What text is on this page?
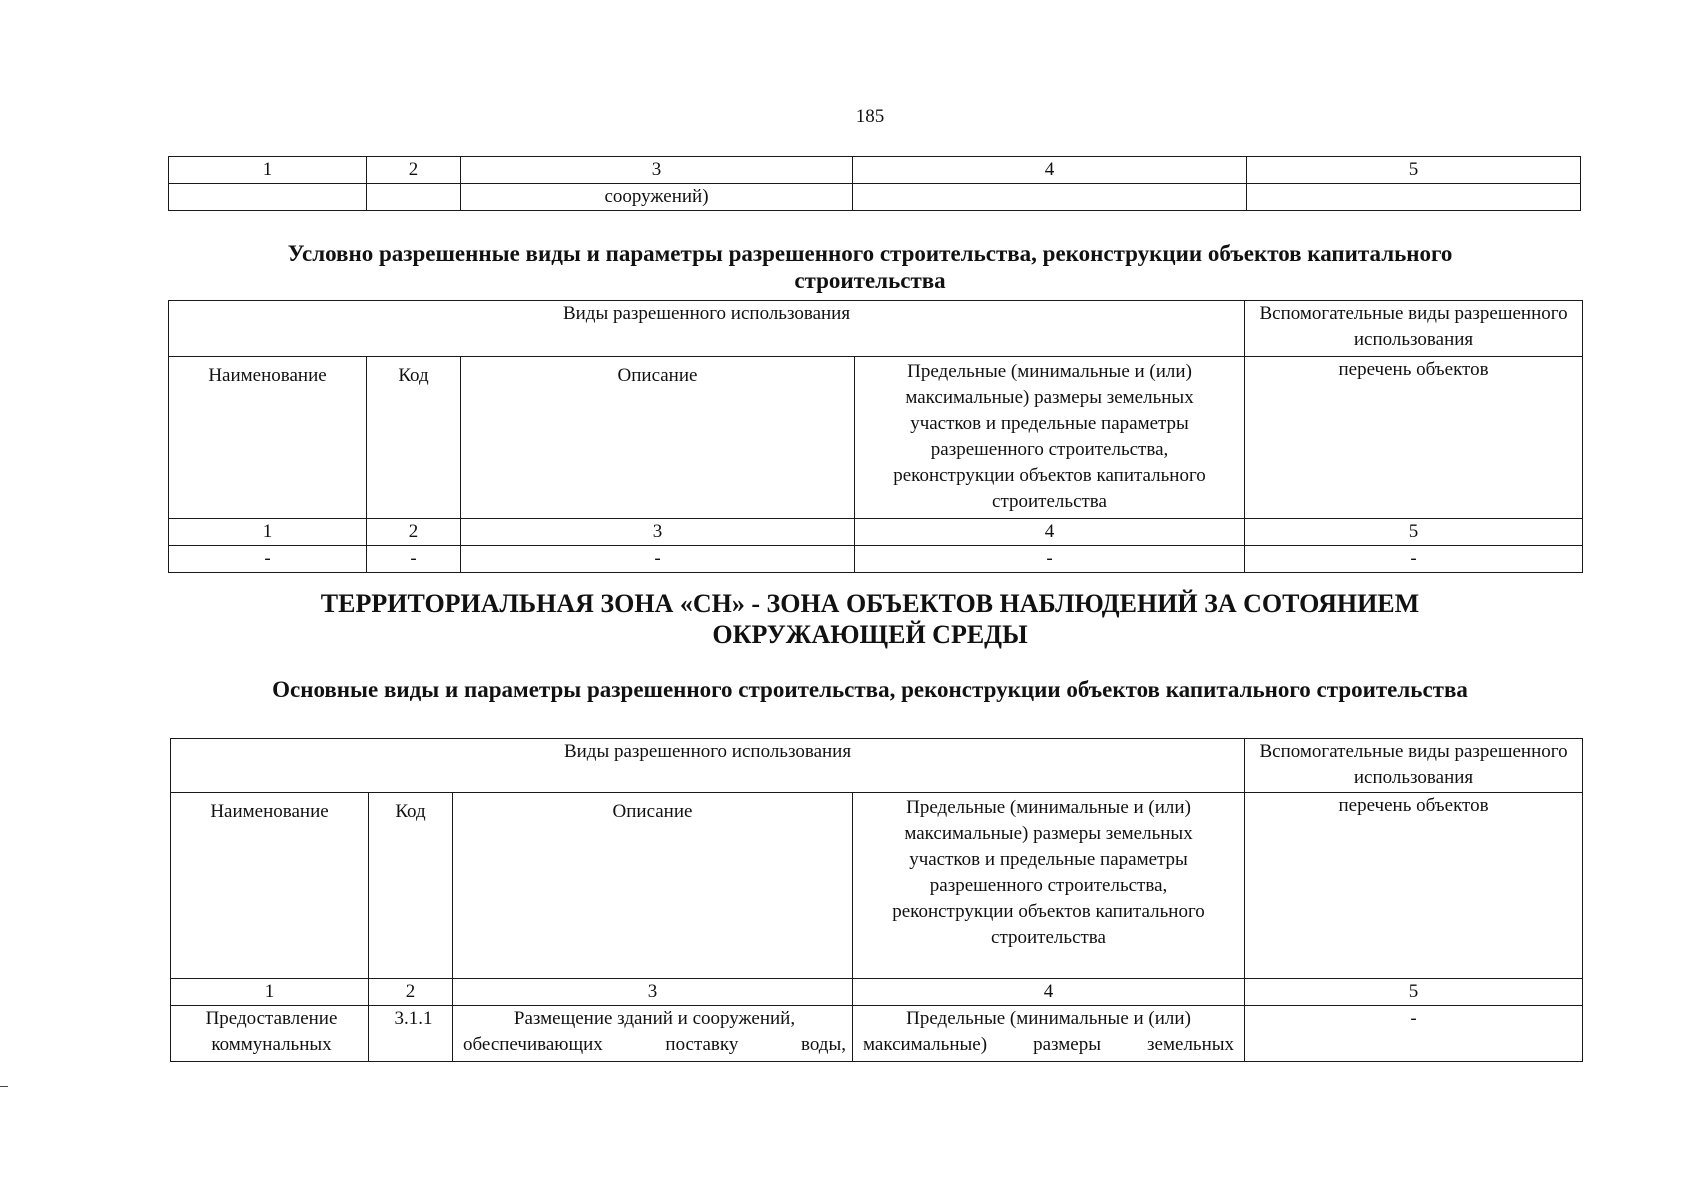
185
1	2	3	4	5
		сооружений)		
Условно разрешенные виды и параметры разрешенного строительства, реконструкции объектов капитального строительства
Виды разрешенного использования				Вспомогательные виды разрешенного использования
Наименование	Код	Описание	Предельные (минимальные и (или) максимальные) размеры земельных участков и предельные параметры разрешенного строительства, реконструкции объектов капитального строительства	перечень объектов
1	2	3	4	5
-	-	-	-	-
ТЕРРИТОРИАЛЬНАЯ ЗОНА «СН» - ЗОНА ОБЪЕКТОВ НАБЛЮДЕНИЙ ЗА СОТОЯНИЕМ ОКРУЖАЮЩЕЙ СРЕДЫ
Основные виды и параметры разрешенного строительства, реконструкции объектов капитального строительства
Виды разрешенного использования				Вспомогательные виды разрешенного использования
Наименование	Код	Описание	Предельные (минимальные и (или) максимальные) размеры земельных участков и предельные параметры разрешенного строительства, реконструкции объектов капитального строительства	перечень объектов
1	2	3	4	5
Предоставление коммунальных	3.1.1	Размещение зданий и сооружений, обеспечивающих поставку воды,	Предельные (минимальные и (или) максимальные) размеры земельных	-
